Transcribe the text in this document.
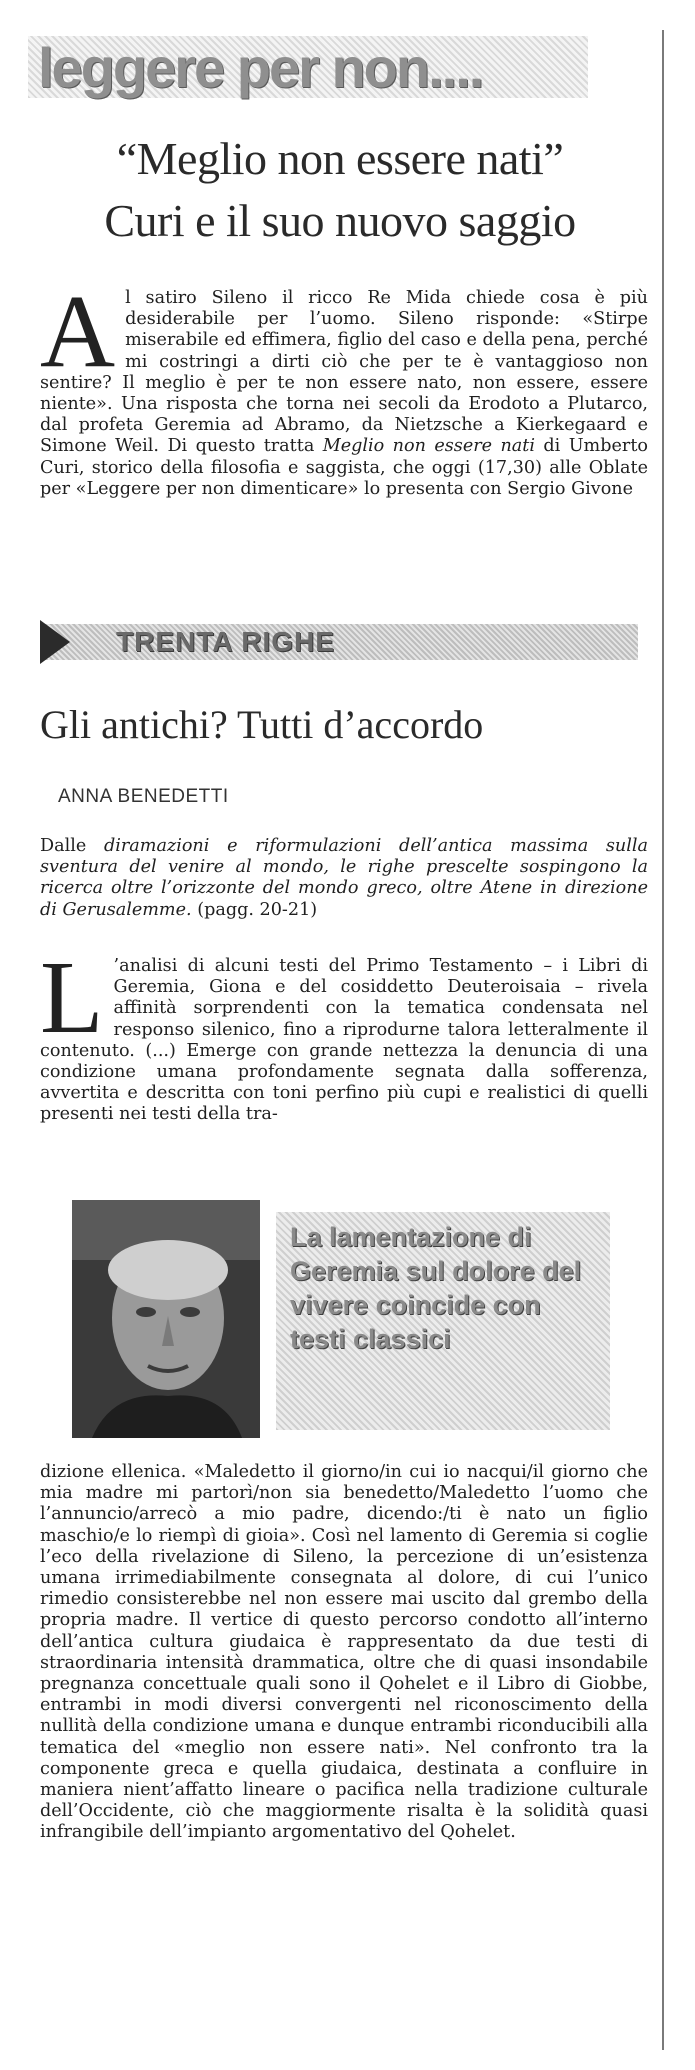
leggere per non....
“Meglio non essere nati”
Curi e il suo nuovo saggio
Al satiro Sileno il ricco Re Mida chiede cosa è più desiderabile per l’uomo. Sileno risponde: «Stirpe miserabile ed effimera, figlio del caso e della pena, perché mi costringi a dirti ciò che per te è vantaggioso non sentire? Il meglio è per te non essere nato, non essere, essere niente». Una risposta che torna nei secoli da Erodoto a Plutarco, dal profeta Geremia ad Abramo, da Nietzsche a Kierkegaard e Simone Weil. Di questo tratta Meglio non essere nati di Umberto Curi, storico della filosofia e saggista, che oggi (17,30) alle Oblate per «Leggere per non dimenticare» lo presenta con Sergio Givone
TRENTA RIGHE
Gli antichi? Tutti d’accordo
ANNA BENEDETTI
Dalle diramazioni e riformulazioni dell’antica massima sulla sventura del venire al mondo, le righe prescelte sospingono la ricerca oltre l’orizzonte del mondo greco, oltre Atene in direzione di Gerusalemme. (pagg. 20-21)
L ’analisi di alcuni testi del Primo Testamento – i Libri di Geremia, Giona e del cosiddetto Deuteroisaia – rivela affinità sorprendenti con la tematica condensata nel responso silenico, fino a riprodurne talora letteralmente il contenuto. (...) Emerge con grande nettezza la denuncia di una condizione umana profondamente segnata dalla sofferenza, avvertita e descritta con toni perfino più cupi e realistici di quelli presenti nei testi della tra-
La lamentazione di Geremia sul dolore del vivere coincide con testi classici
dizione ellenica. «Maledetto il giorno/in cui io nacqui/il giorno che mia madre mi partorì/non sia benedetto/Maledetto l’uomo che l’annuncio/arrecò a mio padre, dicendo:/ti è nato un figlio maschio/e lo riempì di gioia». Così nel lamento di Geremia si coglie l’eco della rivelazione di Sileno, la percezione di un’esistenza umana irrimediabilmente consegnata al dolore, di cui l’unico rimedio consisterebbe nel non essere mai uscito dal grembo della propria madre. Il vertice di questo percorso condotto all’interno dell’antica cultura giudaica è rappresentato da due testi di straordinaria intensità drammatica, oltre che di quasi insondabile pregnanza concettuale quali sono il Qohelet e il Libro di Giobbe, entrambi in modi diversi convergenti nel riconoscimento della nullità della condizione umana e dunque entrambi riconducibili alla tematica del «meglio non essere nati». Nel confronto tra la componente greca e quella giudaica, destinata a confluire in maniera nient’affatto lineare o pacifica nella tradizione culturale dell’Occidente, ciò che maggiormente risalta è la solidità quasi infrangibile dell’impianto argomentativo del Qohelet.
